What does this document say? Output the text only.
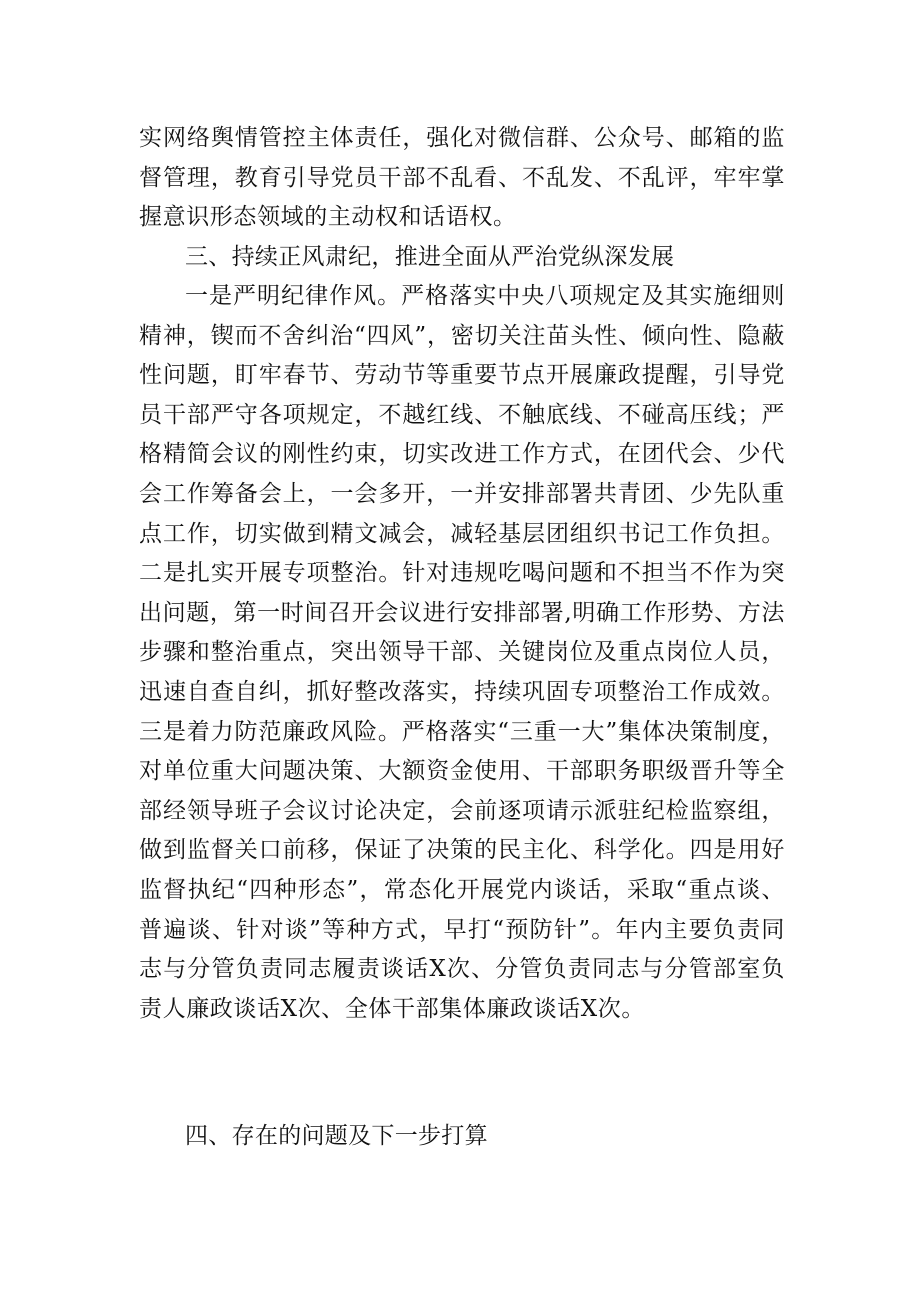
实网络舆情管控主体责任，强化对微信群、公众号、邮箱的监督管理，教育引导党员干部不乱看、不乱发、不乱评，牢牢掌握意识形态领域的主动权和话语权。

三、持续正风肃纪，推进全面从严治党纵深发展

一是严明纪律作风。严格落实中央八项规定及其实施细则精神，锲而不舍纠治“四风”，密切关注苗头性、倾向性、隐蔽性问题，盯牢春节、劳动节等重要节点开展廉政提醒，引导党员干部严守各项规定，不越红线、不触底线、不碰高压线；严格精简会议的刚性约束，切实改进工作方式，在团代会、少代会工作筹备会上，一会多开，一并安排部署共青团、少先队重点工作，切实做到精文减会，减轻基层团组织书记工作负担。二是扎实开展专项整治。针对违规吃喝问题和不担当不作为突出问题，第一时间召开会议进行安排部署,明确工作形势、方法步骤和整治重点，突出领导干部、关键岗位及重点岗位人员，迅速自查自纠，抓好整改落实，持续巩固专项整治工作成效。三是着力防范廉政风险。严格落实“三重一大”集体决策制度，对单位重大问题决策、大额资金使用、干部职务职级晋升等全部经领导班子会议讨论决定，会前逐项请示派驻纪检监察组，做到监督关口前移，保证了决策的民主化、科学化。四是用好监督执纪“四种形态”，常态化开展党内谈话，采取“重点谈、普遍谈、针对谈”等种方式，早打“预防针”。年内主要负责同志与分管负责同志履责谈话X次、分管负责同志与分管部室负责人廉政谈话X次、全体干部集体廉政谈话X次。

四、存在的问题及下一步打算
